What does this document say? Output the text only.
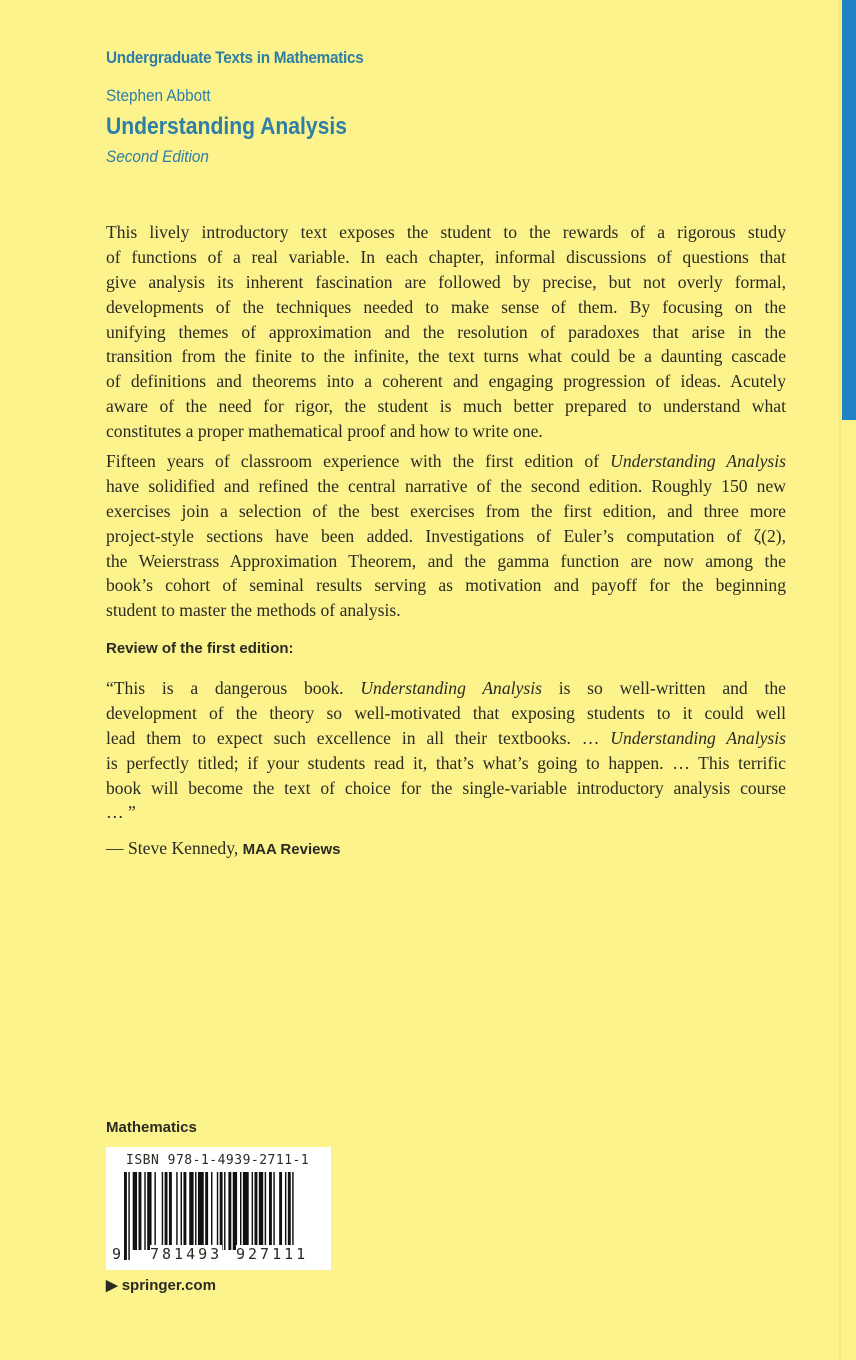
Undergraduate Texts in Mathematics
Stephen Abbott
Understanding Analysis
Second Edition
This lively introductory text exposes the student to the rewards of a rigorous study
of functions of a real variable. In each chapter, informal discussions of questions that
give analysis its inherent fascination are followed by precise, but not overly formal,
developments of the techniques needed to make sense of them. By focusing on the
unifying themes of approximation and the resolution of paradoxes that arise in the
transition from the finite to the infinite, the text turns what could be a daunting cascade
of definitions and theorems into a coherent and engaging progression of ideas. Acutely
aware of the need for rigor, the student is much better prepared to understand what
constitutes a proper mathematical proof and how to write one.
Fifteen years of classroom experience with the first edition of Understanding Analysis
have solidified and refined the central narrative of the second edition. Roughly 150 new
exercises join a selection of the best exercises from the first edition, and three more
project-style sections have been added. Investigations of Euler’s computation of ζ(2),
the Weierstrass Approximation Theorem, and the gamma function are now among the
book’s cohort of seminal results serving as motivation and payoff for the beginning
student to master the methods of analysis.
Review of the first edition:
“This is a dangerous book. Understanding Analysis is so well-written and the
development of the theory so well-motivated that exposing students to it could well
lead them to expect such excellence in all their textbooks. … Understanding Analysis
is perfectly titled; if your students read it, that’s what’s going to happen. … This terrific
book will become the text of choice for the single-variable introductory analysis course
… ”
— Steve Kennedy, MAA Reviews
Mathematics
ISBN 978-1-4939-2711-1
9 781493 927111
▶ springer.com
